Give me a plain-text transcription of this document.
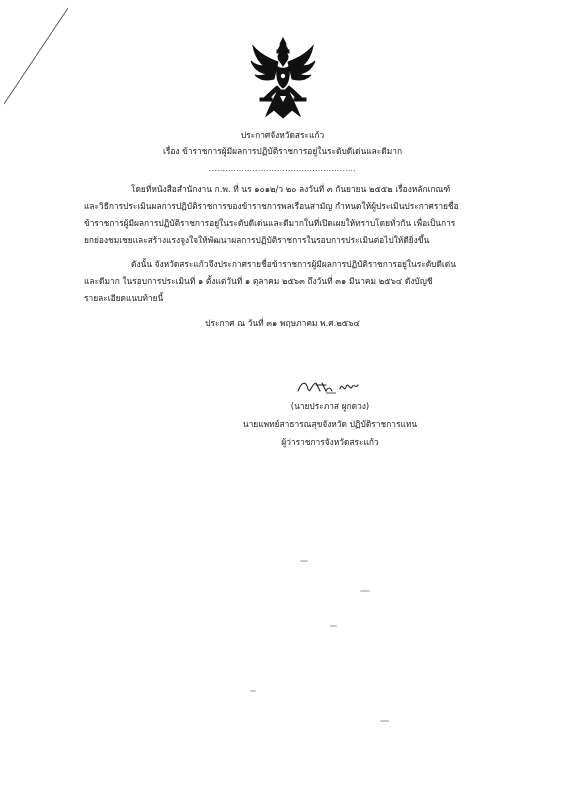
ประกาศจังหวัดสระแก้ว
เรื่อง ข้าราชการผู้มีผลการปฏิบัติราชการอยู่ในระดับดีเด่นและดีมาก
......................................................
โดยที่หนังสือสำนักงาน ก.พ. ที่ นร ๑๐๑๒/ว ๒๐ ลงวันที่ ๓ กันยายน ๒๕๕๒ เรื่องหลักเกณฑ์
และวิธีการประเมินผลการปฏิบัติราชการของข้าราชการพลเรือนสามัญ กำหนดให้ผู้ประเมินประกาศรายชื่อ
ข้าราชการผู้มีผลการปฏิบัติราชการอยู่ในระดับดีเด่นและดีมากในที่เปิดเผยให้ทราบโดยทั่วกัน เพื่อเป็นการ
ยกย่องชมเชยและสร้างแรงจูงใจให้พัฒนาผลการปฏิบัติราชการในรอบการประเมินต่อไปให้ดียิ่งขึ้น
ดังนั้น จังหวัดสระแก้วจึงประกาศรายชื่อข้าราชการผู้มีผลการปฏิบัติราชการอยู่ในระดับดีเด่น
และดีมาก ในรอบการประเมินที่ ๑ ตั้งแต่วันที่ ๑ ตุลาคม ๒๕๖๓ ถึงวันที่ ๓๑ มีนาคม ๒๕๖๔ ดังบัญชี
รายละเอียดแนบท้ายนี้
ประกาศ ณ วันที่ ๓๑ พฤษภาคม พ.ศ.๒๕๖๔
(นายประภาส ผูกดวง)
นายแพทย์สาธารณสุขจังหวัด ปฏิบัติราชการแทน
ผู้ว่าราชการจังหวัดสระแก้ว
